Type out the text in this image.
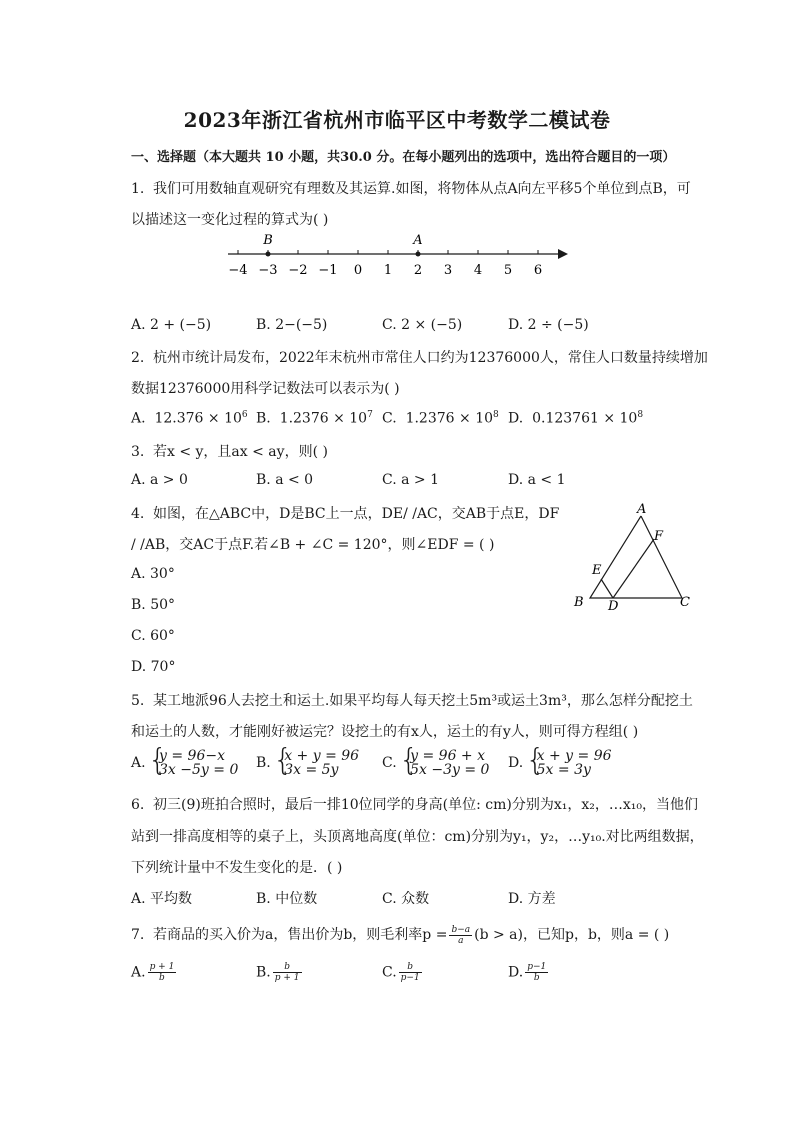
2023年浙江省杭州市临平区中考数学二模试卷
一、选择题（本大题共 10 小题，共30.0 分。在每小题列出的选项中，选出符合题目的一项）
1. 我们可用数轴直观研究有理数及其运算.如图，将物体从点A向左平移5个单位到点B，可
以描述这一变化过程的算式为( )
−4 −3 −2 −1 0 1 2 3 4 5 6
B	A
A. 2 + (−5)	B. 2−(−5)	C. 2 × (−5)	D. 2 ÷ (−5)
2. 杭州市统计局发布，2022年末杭州市常住人口约为12376000人，常住人口数量持续增加
数据12376000用科学记数法可以表示为( )
A. $12.376 \times 10^6$ B. $1.2376 \times 10^7$ C. $1.2376 \times 10^8$ D. $0.123761 \times 10^8$
3. 若x < y，且ax < ay，则( )
A. a > 0	B. a < 0	C. a > 1	D. a < 1
4. 如图，在△ABC中，D是BC上一点，DE/ /AC，交AB于点E，DF
/ /AB，交AC于点F.若∠B + ∠C = 120°，则∠EDF = ( )
A. 30°
B. 50°
C. 60°
D. 70°
A
B	C
D
E
F
5. 某工地派96人去挖土和运土.如果平均每人每天挖土5m³或运土3m³，那么怎样分配挖土
和运土的人数，才能刚好被运完？设挖土的有x人，运土的有y人，则可得方程组( )
A. { y = 96−x
3x −5y = 0 B. { x + y = 96
3x = 5y	C. { y = 96 + x
5x −3y = 0 D. { x + y = 96
5x = 3y
6. 初三(9)班拍合照时，最后一排10位同学的身高(单位: cm)分别为x₁，x₂，…x₁₀，当他们
站到一排高度相等的桌子上，头顶离地高度(单位：cm)分别为y₁，y₂，…y₁₀.对比两组数据，
下列统计量中不发生变化的是．( )
A. 平均数	B. 中位数	C. 众数	D. 方差
7. 若商品的买入价为a，售出价为b，则毛利率$p = \frac{b-a}{a} (b > a)$，已知p，b，则a = ( )
A. $\frac{p + 1}{b}$	B. $\frac{b}{p + 1}$	C. $\frac{b}{p-1}$	D. $\frac{p-1}{b}$
